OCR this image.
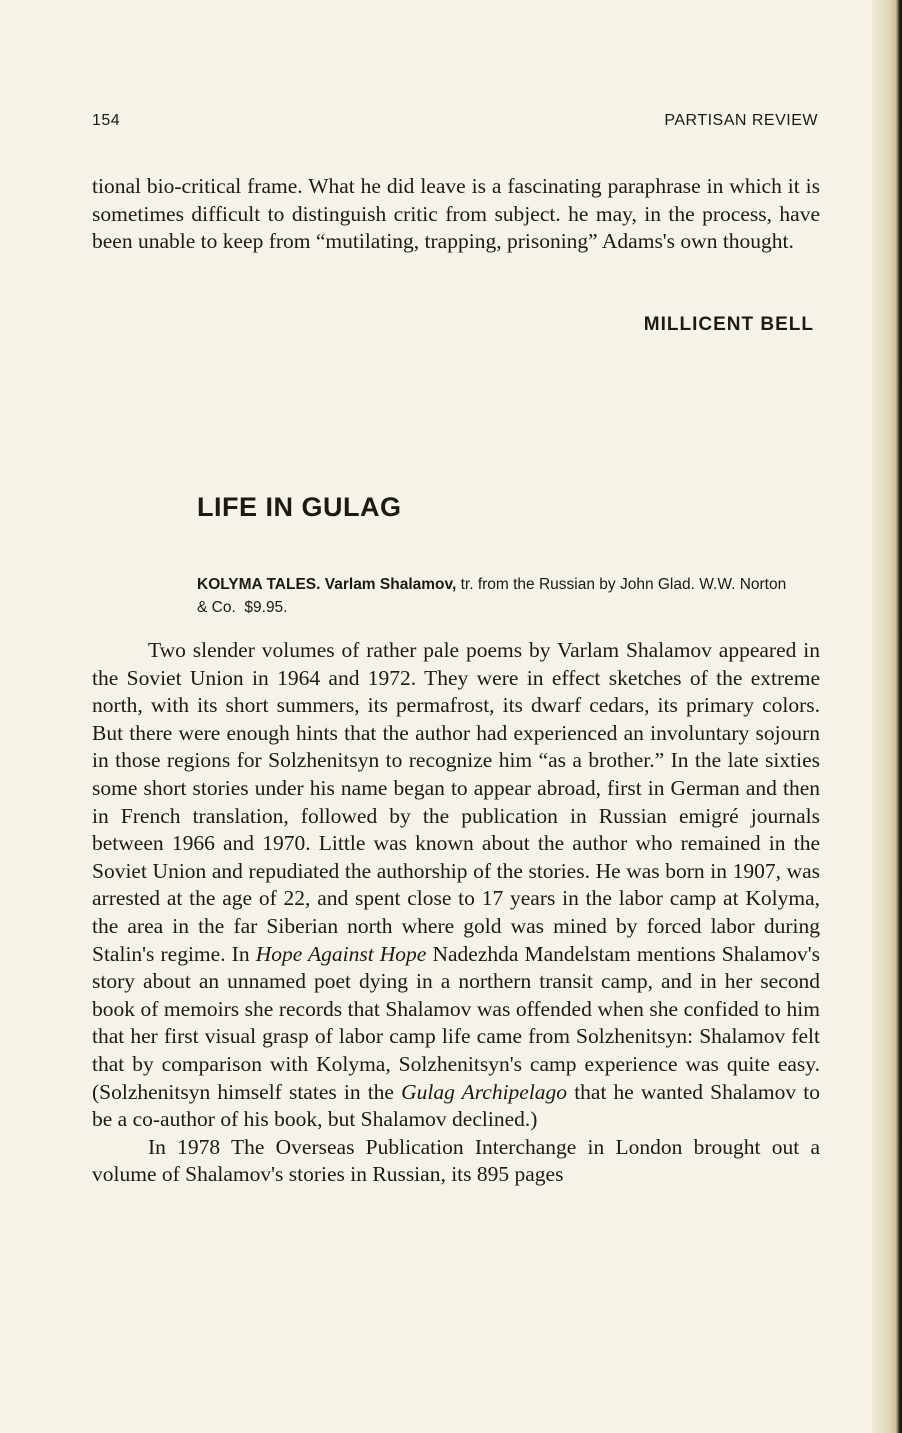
154	PARTISAN REVIEW

tional bio-critical frame. What he did leave is a fascinating paraphrase in which it is sometimes difficult to distinguish critic from subject. he may, in the process, have been unable to keep from “mutilating, trapping, prisoning” Adams's own thought.

MILLICENT BELL
LIFE IN GULAG
KOLYMA TALES. Varlam Shalamov, tr. from the Russian by John Glad. W.W. Norton & Co. $9.95.

Two slender volumes of rather pale poems by Varlam Shalamov appeared in the Soviet Union in 1964 and 1972. They were in effect sketches of the extreme north, with its short summers, its permafrost, its dwarf cedars, its primary colors. But there were enough hints that the author had experienced an involuntary sojourn in those regions for Solzhenitsyn to recognize him “as a brother.” In the late sixties some short stories under his name began to appear abroad, first in German and then in French translation, followed by the publication in Russian emigré journals between 1966 and 1970. Little was known about the author who remained in the Soviet Union and repudiated the authorship of the stories. He was born in 1907, was arrested at the age of 22, and spent close to 17 years in the labor camp at Kolyma, the area in the far Siberian north where gold was mined by forced labor during Stalin's regime. In Hope Against Hope Nadezhda Mandelstam mentions Shalamov's story about an unnamed poet dying in a northern transit camp, and in her second book of memoirs she records that Shalamov was offended when she confided to him that her first visual grasp of labor camp life came from Solzhenitsyn: Shalamov felt that by comparison with Kolyma, Solzhenitsyn's camp experience was quite easy. (Solzhenitsyn himself states in the Gulag Archipelago that he wanted Shalamov to be a co-author of his book, but Shalamov declined.)

In 1978 The Overseas Publication Interchange in London brought out a volume of Shalamov's stories in Russian, its 895 pages
